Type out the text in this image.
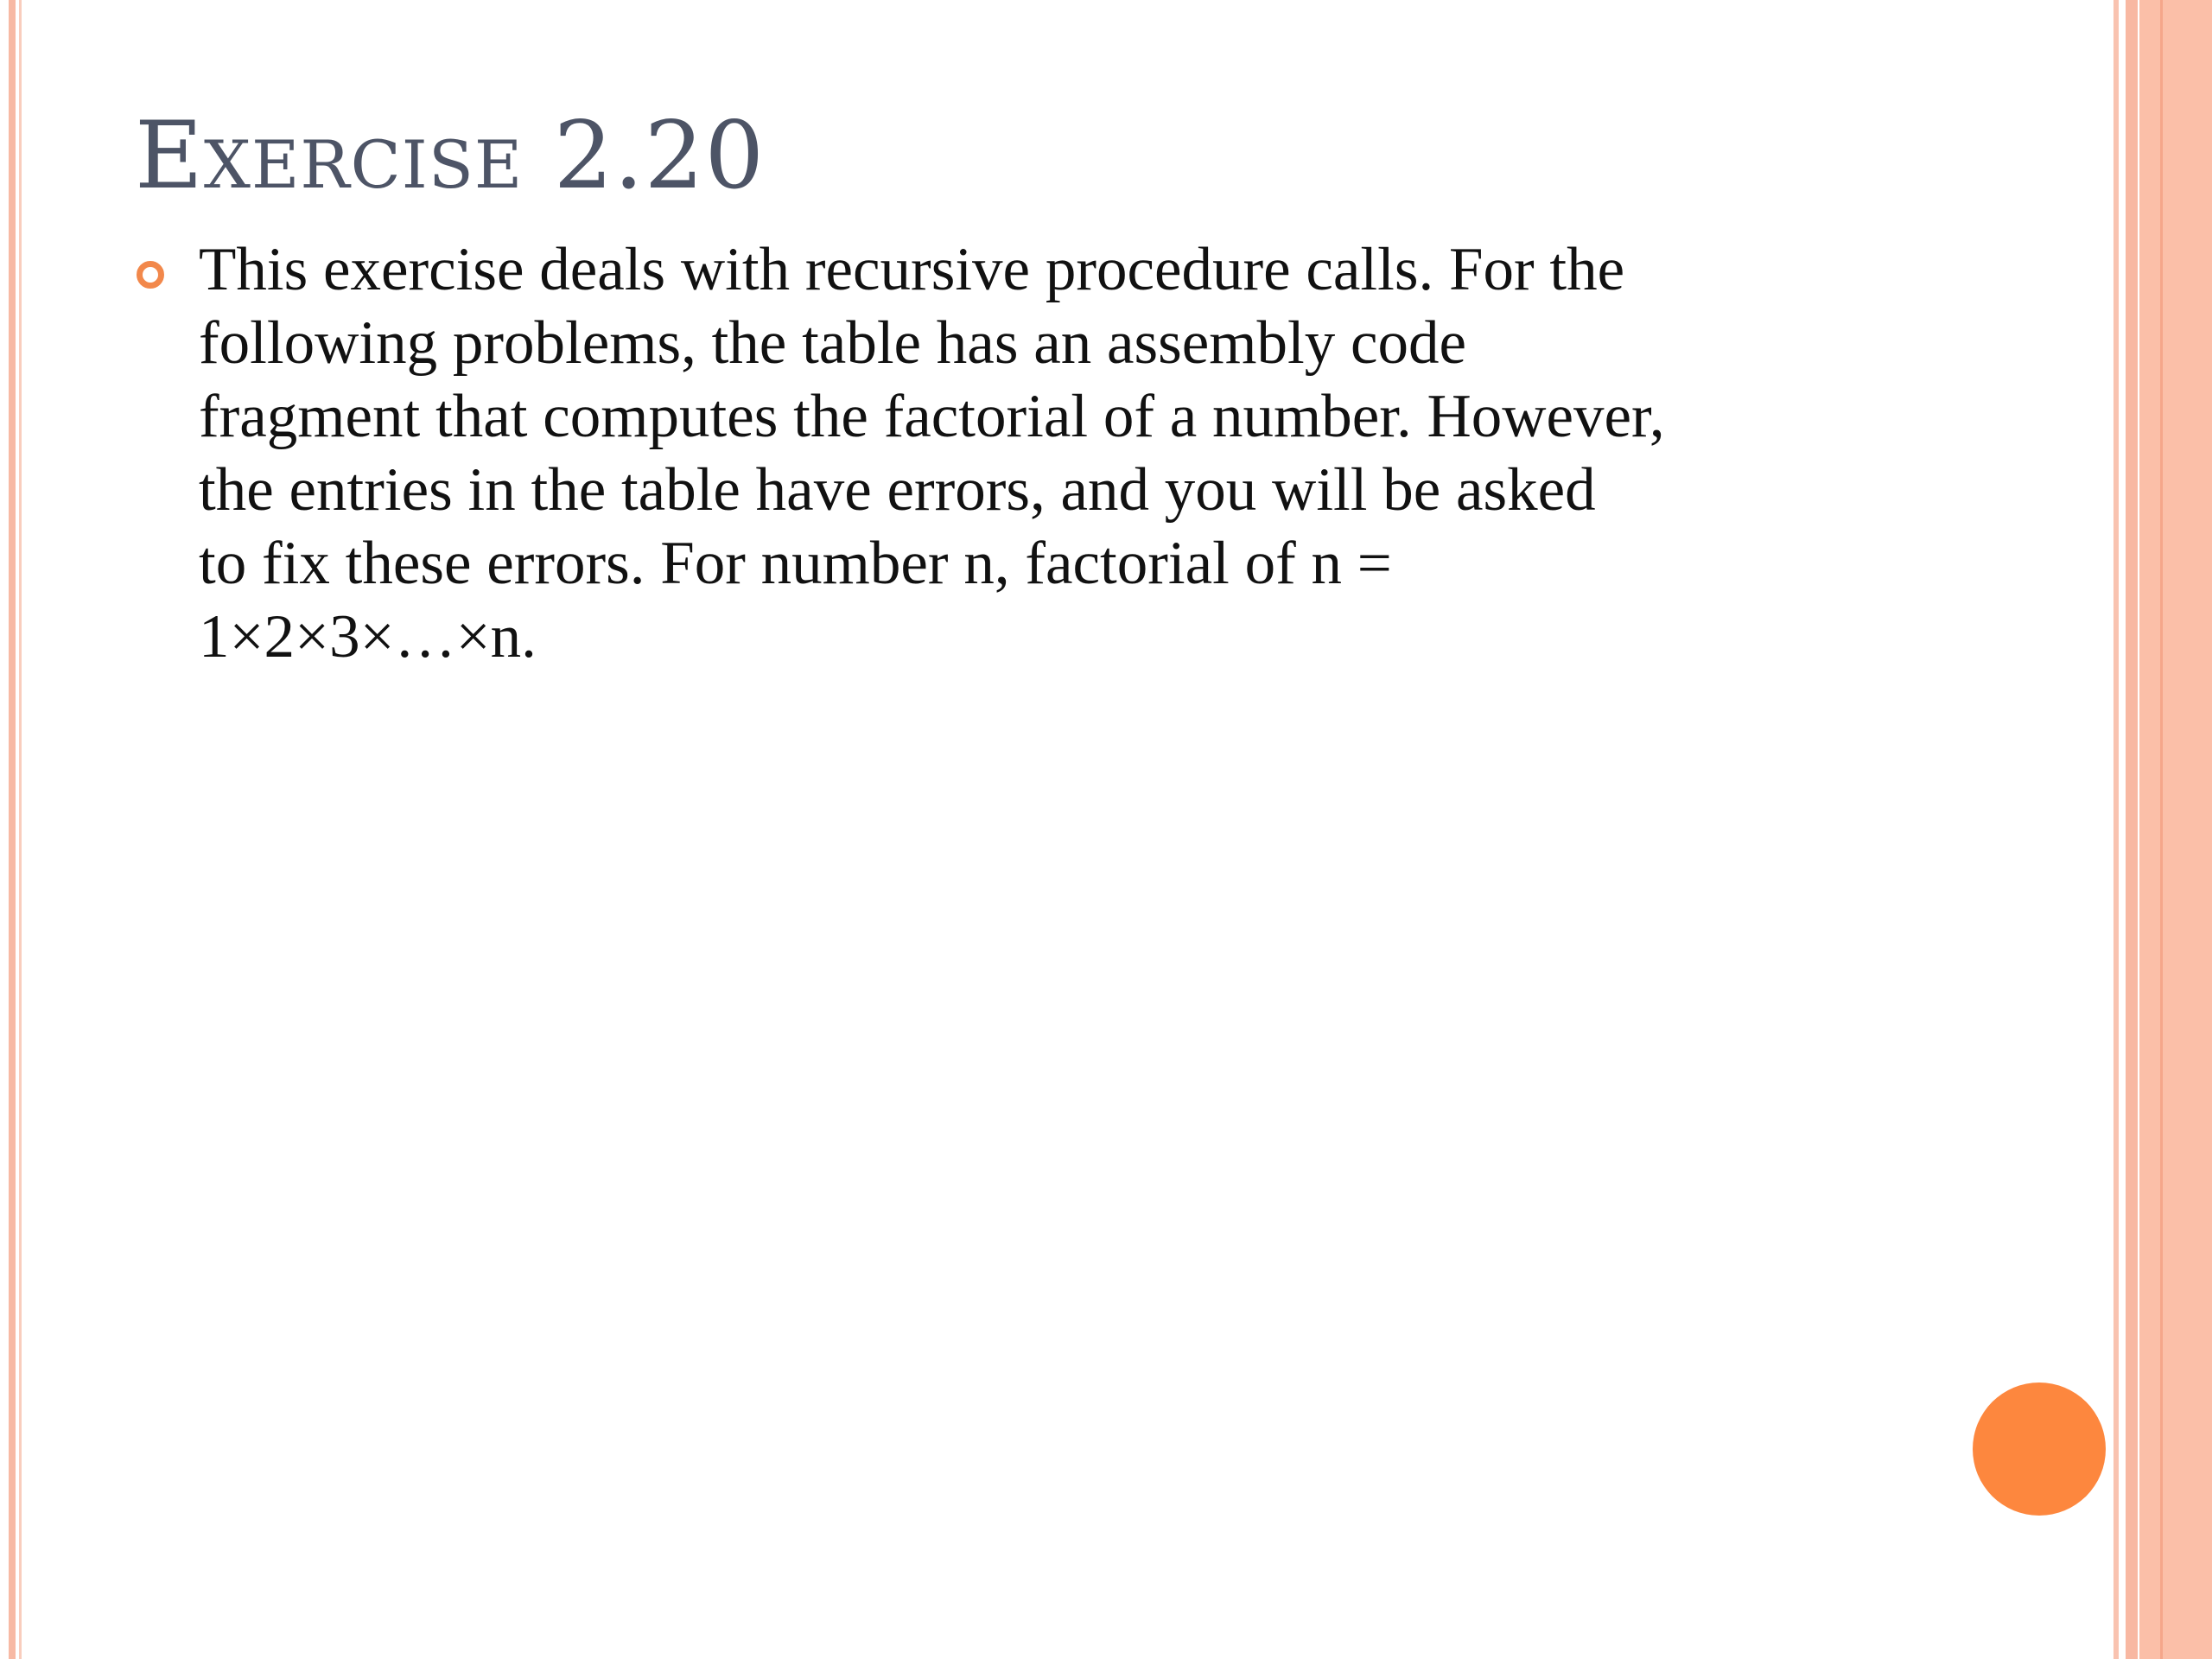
Exercise 2.20
This exercise deals with recursive procedure calls. For the
following problems, the table has an assembly code
fragment that computes the factorial of a number. However,
the entries in the table have errors, and you will be asked
to fix these errors. For number n, factorial of n =
1×2×3×…×n.
